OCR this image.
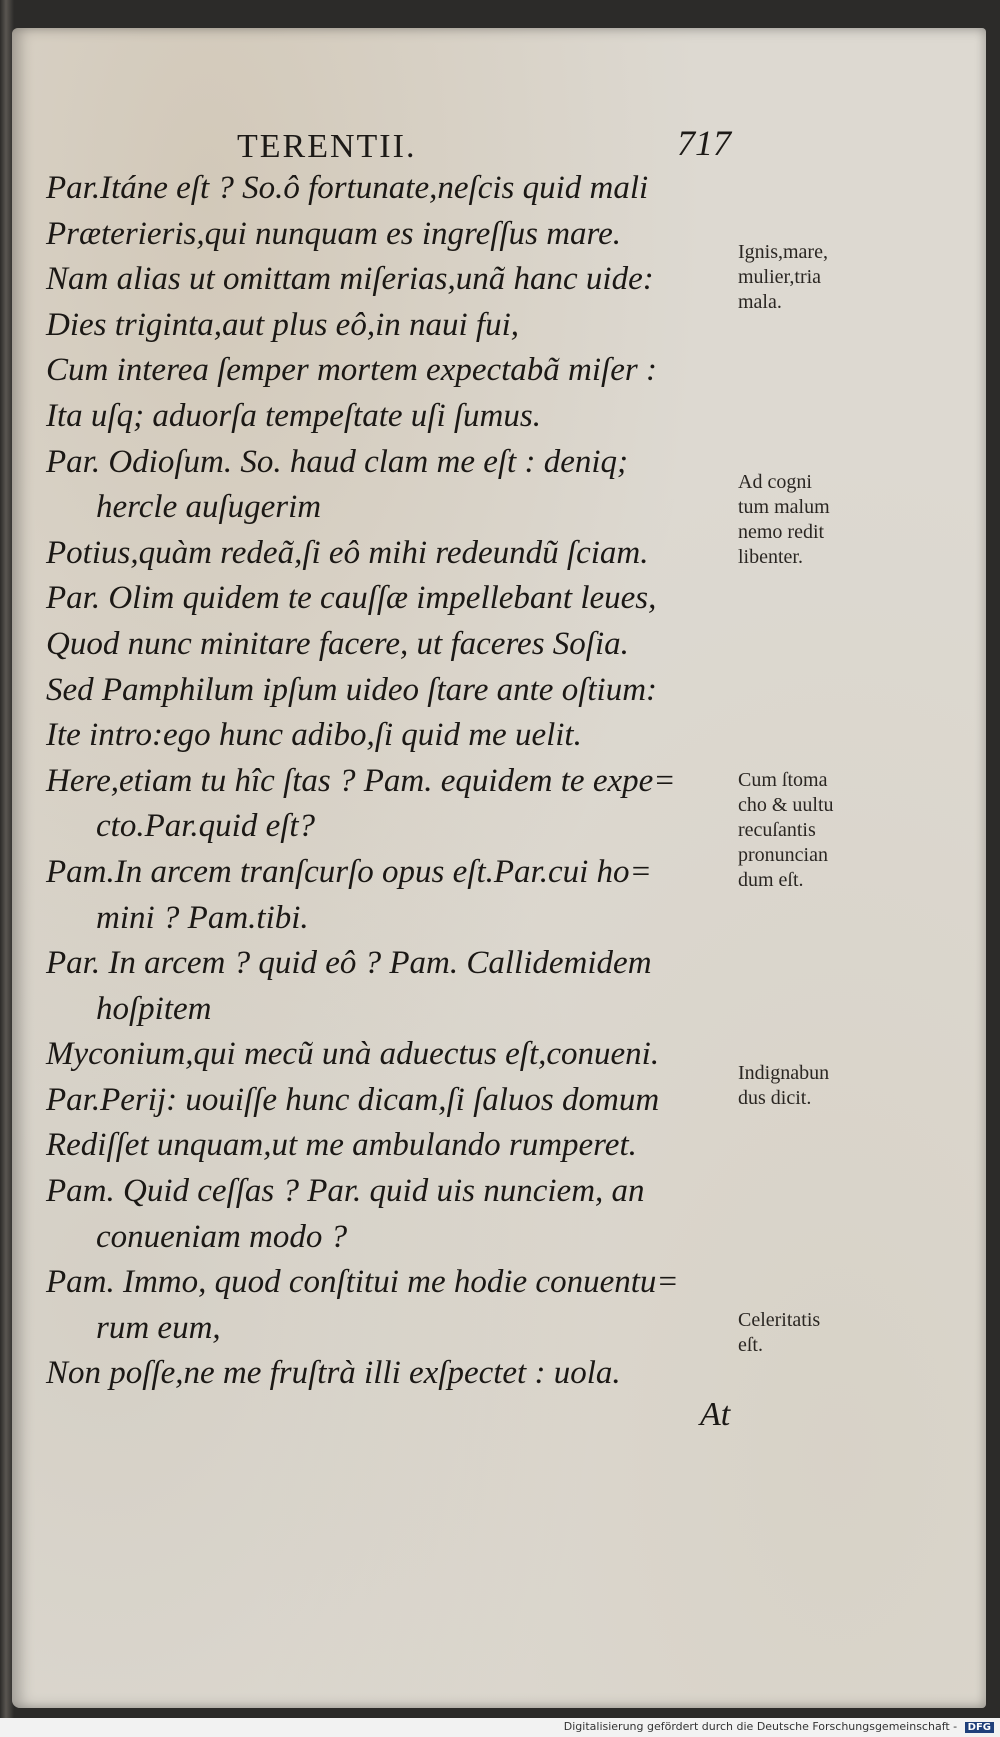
TERENTII.	717
Par.Itáne eſt ? So.ô fortunate,neſcis quid mali
Præterieris,qui nunquam es ingreſſus mare.
Nam alias ut omittam miſerias,unã hanc uide:
Dies triginta,aut plus eô,in naui fui,
Cum interea ſemper mortem expectabã miſer :
Ita uſq; aduorſa tempeſtate uſi ſumus.
Par. Odioſum. So. haud clam me eſt : deniq;
hercle auſugerim
Potius,quàm redeã,ſi eô mihi redeundũ ſciam.
Par. Olim quidem te cauſſæ impellebant leues,
Quod nunc minitare facere, ut faceres Soſia.
Sed Pamphilum ipſum uideo ſtare ante oſtium:
Ite intro:ego hunc adibo,ſi quid me uelit.
Here,etiam tu hîc ſtas ? Pam. equidem te expe=
cto.Par.quid eſt?
Pam.In arcem tranſcurſo opus eſt.Par.cui ho=
mini ? Pam.tibi.
Par. In arcem ? quid eô ? Pam. Callidemidem
hoſpitem
Myconium,qui mecũ unà aduectus eſt,conueni.
Par.Perij: uouiſſe hunc dicam,ſi ſaluos domum
Rediſſet unquam,ut me ambulando rumperet.
Pam. Quid ceſſas ? Par. quid uis nunciem, an
conueniam modo ?
Pam. Immo, quod conſtitui me hodie conuentu=
rum eum,
Non poſſe,ne me fruſtrà illi exſpectet : uola.
Ignis,mare,
mulier,tria
mala.
Ad cogni
tum malum
nemo redit
libenter.
Cum ſtoma
cho & uultu
recuſantis
pronuncian
dum eſt.
Indignabun
dus dicit.
Celeritatis
eſt.
At
Digitalisierung gefördert durch die Deutsche Forschungsgemeinschaft - DFG
